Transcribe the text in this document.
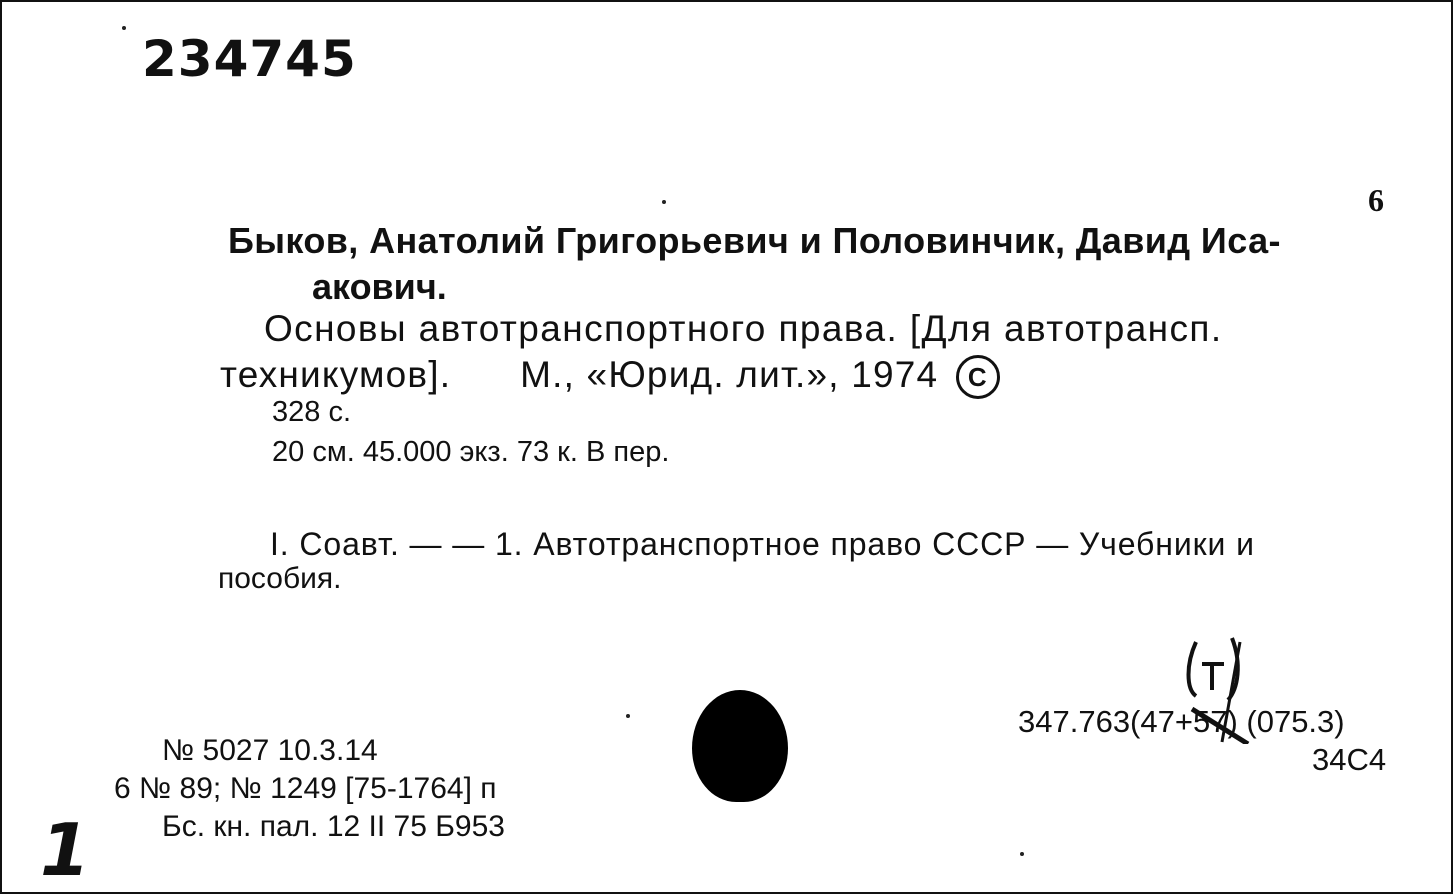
234745
6
Быков, Анатолий Григорьевич и Половинчик, Давид Иса-
акович.
Основы автотранспортного права. [Для автотрансп.
техникумов].      М., «Юрид. лит.», 1974 C
328 с.
20 см. 45.000 экз. 73 к. В пер.
I. Соавт. — — 1. Автотранспортное право СССР — Учебники и
пособия.
347.763(47+57) (075.3)
34С4
№ 5027 10.3.14
6 № 89; № 1249 [75-1764] п
Бс. кн. пал. 12 II 75 Б953
1
